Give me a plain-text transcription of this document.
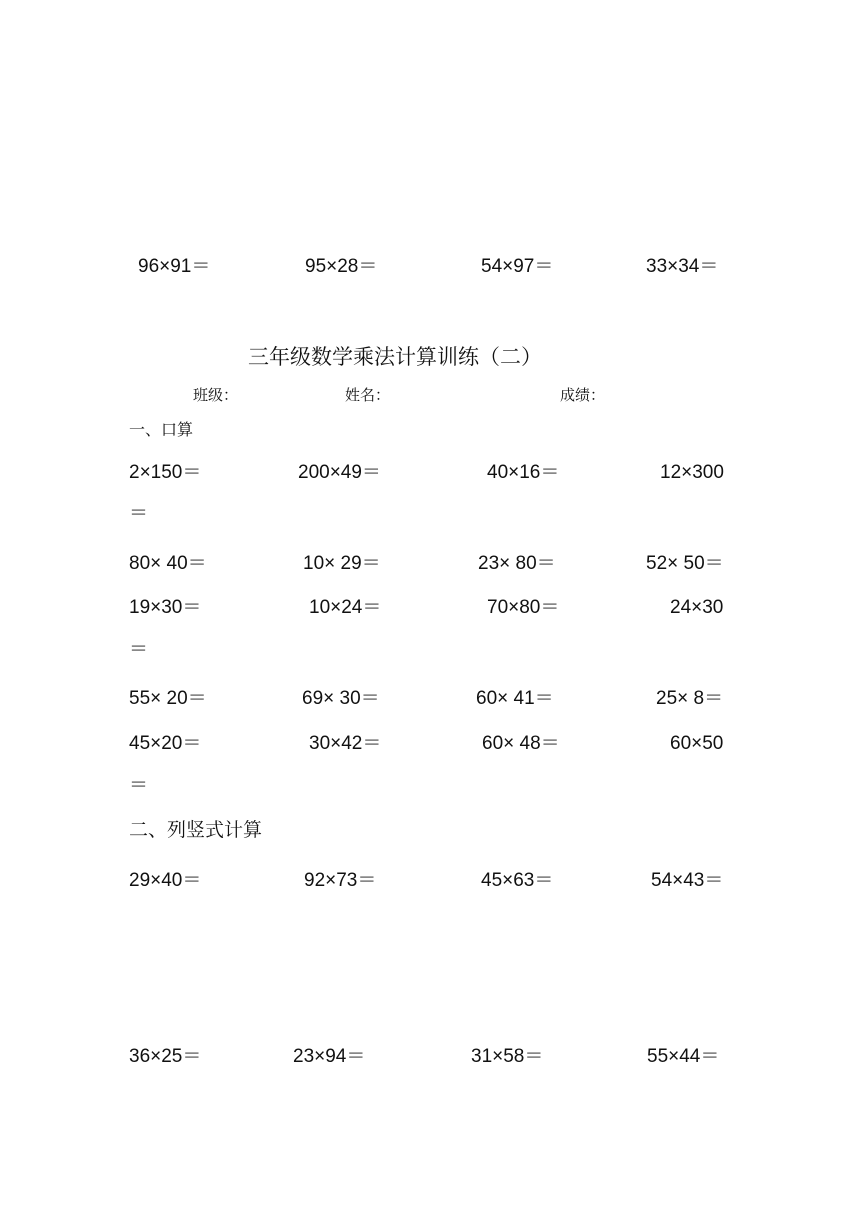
96×91＝	95×28＝	54×97＝	33×34＝
三年级数学乘法计算训练（二）
班级：	姓名：	成绩：
一、口算
2×150＝	200×49＝	40×16＝	12×300
＝
80× 40＝	10× 29＝	23× 80＝	52× 50＝
19×30＝	10×24＝	70×80＝	24×30
＝
55× 20＝	69× 30＝	60× 41＝	25× 8＝
45×20＝	30×42＝	60× 48＝	60×50
＝
二、列竖式计算
29×40＝	92×73＝	45×63＝	54×43＝
36×25＝	23×94＝	31×58＝	55×44＝
